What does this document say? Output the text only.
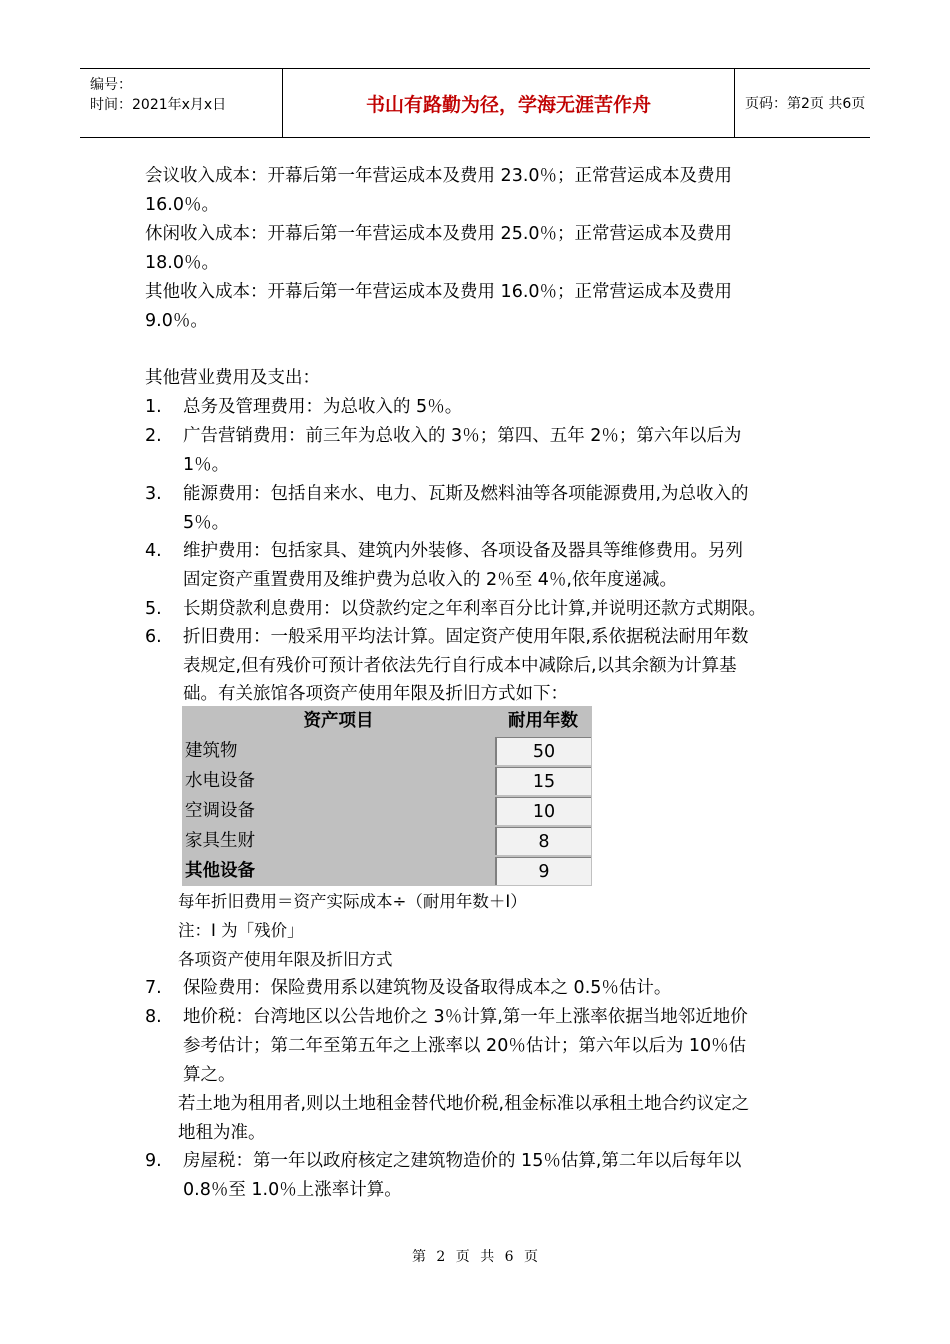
编号：
时间：2021年x月x日	书山有路勤为径，学海无涯苦作舟	页码：第2页 共6页
会议收入成本：开幕后第一年营运成本及费用 23.0％；正常营运成本及费用
16.0％。
休闲收入成本：开幕后第一年营运成本及费用 25.0％；正常营运成本及费用
18.0％。
其他收入成本：开幕后第一年营运成本及费用 16.0％；正常营运成本及费用
9.0％。
其他营业费用及支出：
1. 总务及管理费用：为总收入的 5％。
2. 广告营销费用：前三年为总收入的 3％；第四、五年 2％；第六年以后为
1％。
3. 能源费用：包括自来水、电力、瓦斯及燃料油等各项能源费用,为总收入的
5％。
4. 维护费用：包括家具、建筑内外装修、各项设备及器具等维修费用。另列
固定资产重置费用及维护费为总收入的 2％至 4％,依年度递减。
5. 长期贷款利息费用：以贷款约定之年利率百分比计算,并说明还款方式期限。
6. 折旧费用：一般采用平均法计算。固定资产使用年限,系依据税法耐用年数
表规定,但有残价可预计者依法先行自行成本中减除后,以其余额为计算基
础。有关旅馆各项资产使用年限及折旧方式如下：
资产项目	耐用年数
建筑物	50
水电设备	15
空调设备	10
家具生财	8
其他设备	9
每年折旧费用＝资产实际成本÷（耐用年数＋I）
注：I 为「残价」
各项资产使用年限及折旧方式
7. 保险费用：保险费用系以建筑物及设备取得成本之 0.5％估计。
8. 地价税：台湾地区以公告地价之 3％计算,第一年上涨率依据当地邻近地价
参考估计；第二年至第五年之上涨率以 20％估计；第六年以后为 10％估
算之。
若土地为租用者,则以土地租金替代地价税,租金标准以承租土地合约议定之
地租为准。
9. 房屋税：第一年以政府核定之建筑物造价的 15％估算,第二年以后每年以
0.8％至 1.0％上涨率计算。
第 2 页 共 6 页
